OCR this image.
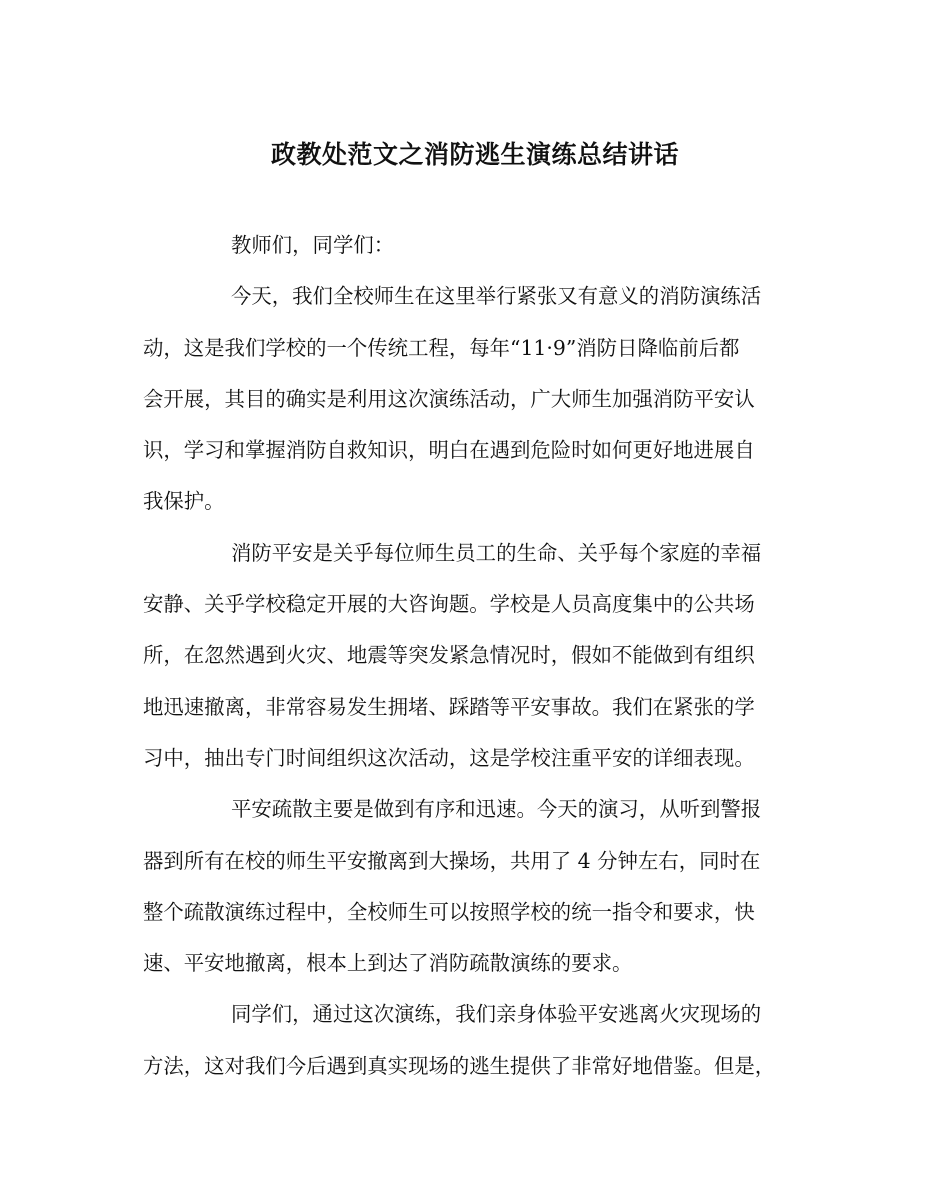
政教处范文之消防逃生演练总结讲话
教师们，同学们：
今天，我们全校师生在这里举行紧张又有意义的消防演练活
动，这是我们学校的一个传统工程，每年“11·9”消防日降临前后都
会开展，其目的确实是利用这次演练活动，广大师生加强消防平安认
识，学习和掌握消防自救知识，明白在遇到危险时如何更好地进展自
我保护。
消防平安是关乎每位师生员工的生命、关乎每个家庭的幸福
安静、关乎学校稳定开展的大咨询题。学校是人员高度集中的公共场
所，在忽然遇到火灾、地震等突发紧急情况时，假如不能做到有组织
地迅速撤离，非常容易发生拥堵、踩踏等平安事故。我们在紧张的学
习中，抽出专门时间组织这次活动，这是学校注重平安的详细表现。
平安疏散主要是做到有序和迅速。今天的演习，从听到警报
器到所有在校的师生平安撤离到大操场，共用了 4 分钟左右，同时在
整个疏散演练过程中，全校师生可以按照学校的统一指令和要求，快
速、平安地撤离，根本上到达了消防疏散演练的要求。
同学们，通过这次演练，我们亲身体验平安逃离火灾现场的
方法，这对我们今后遇到真实现场的逃生提供了非常好地借鉴。但是，
